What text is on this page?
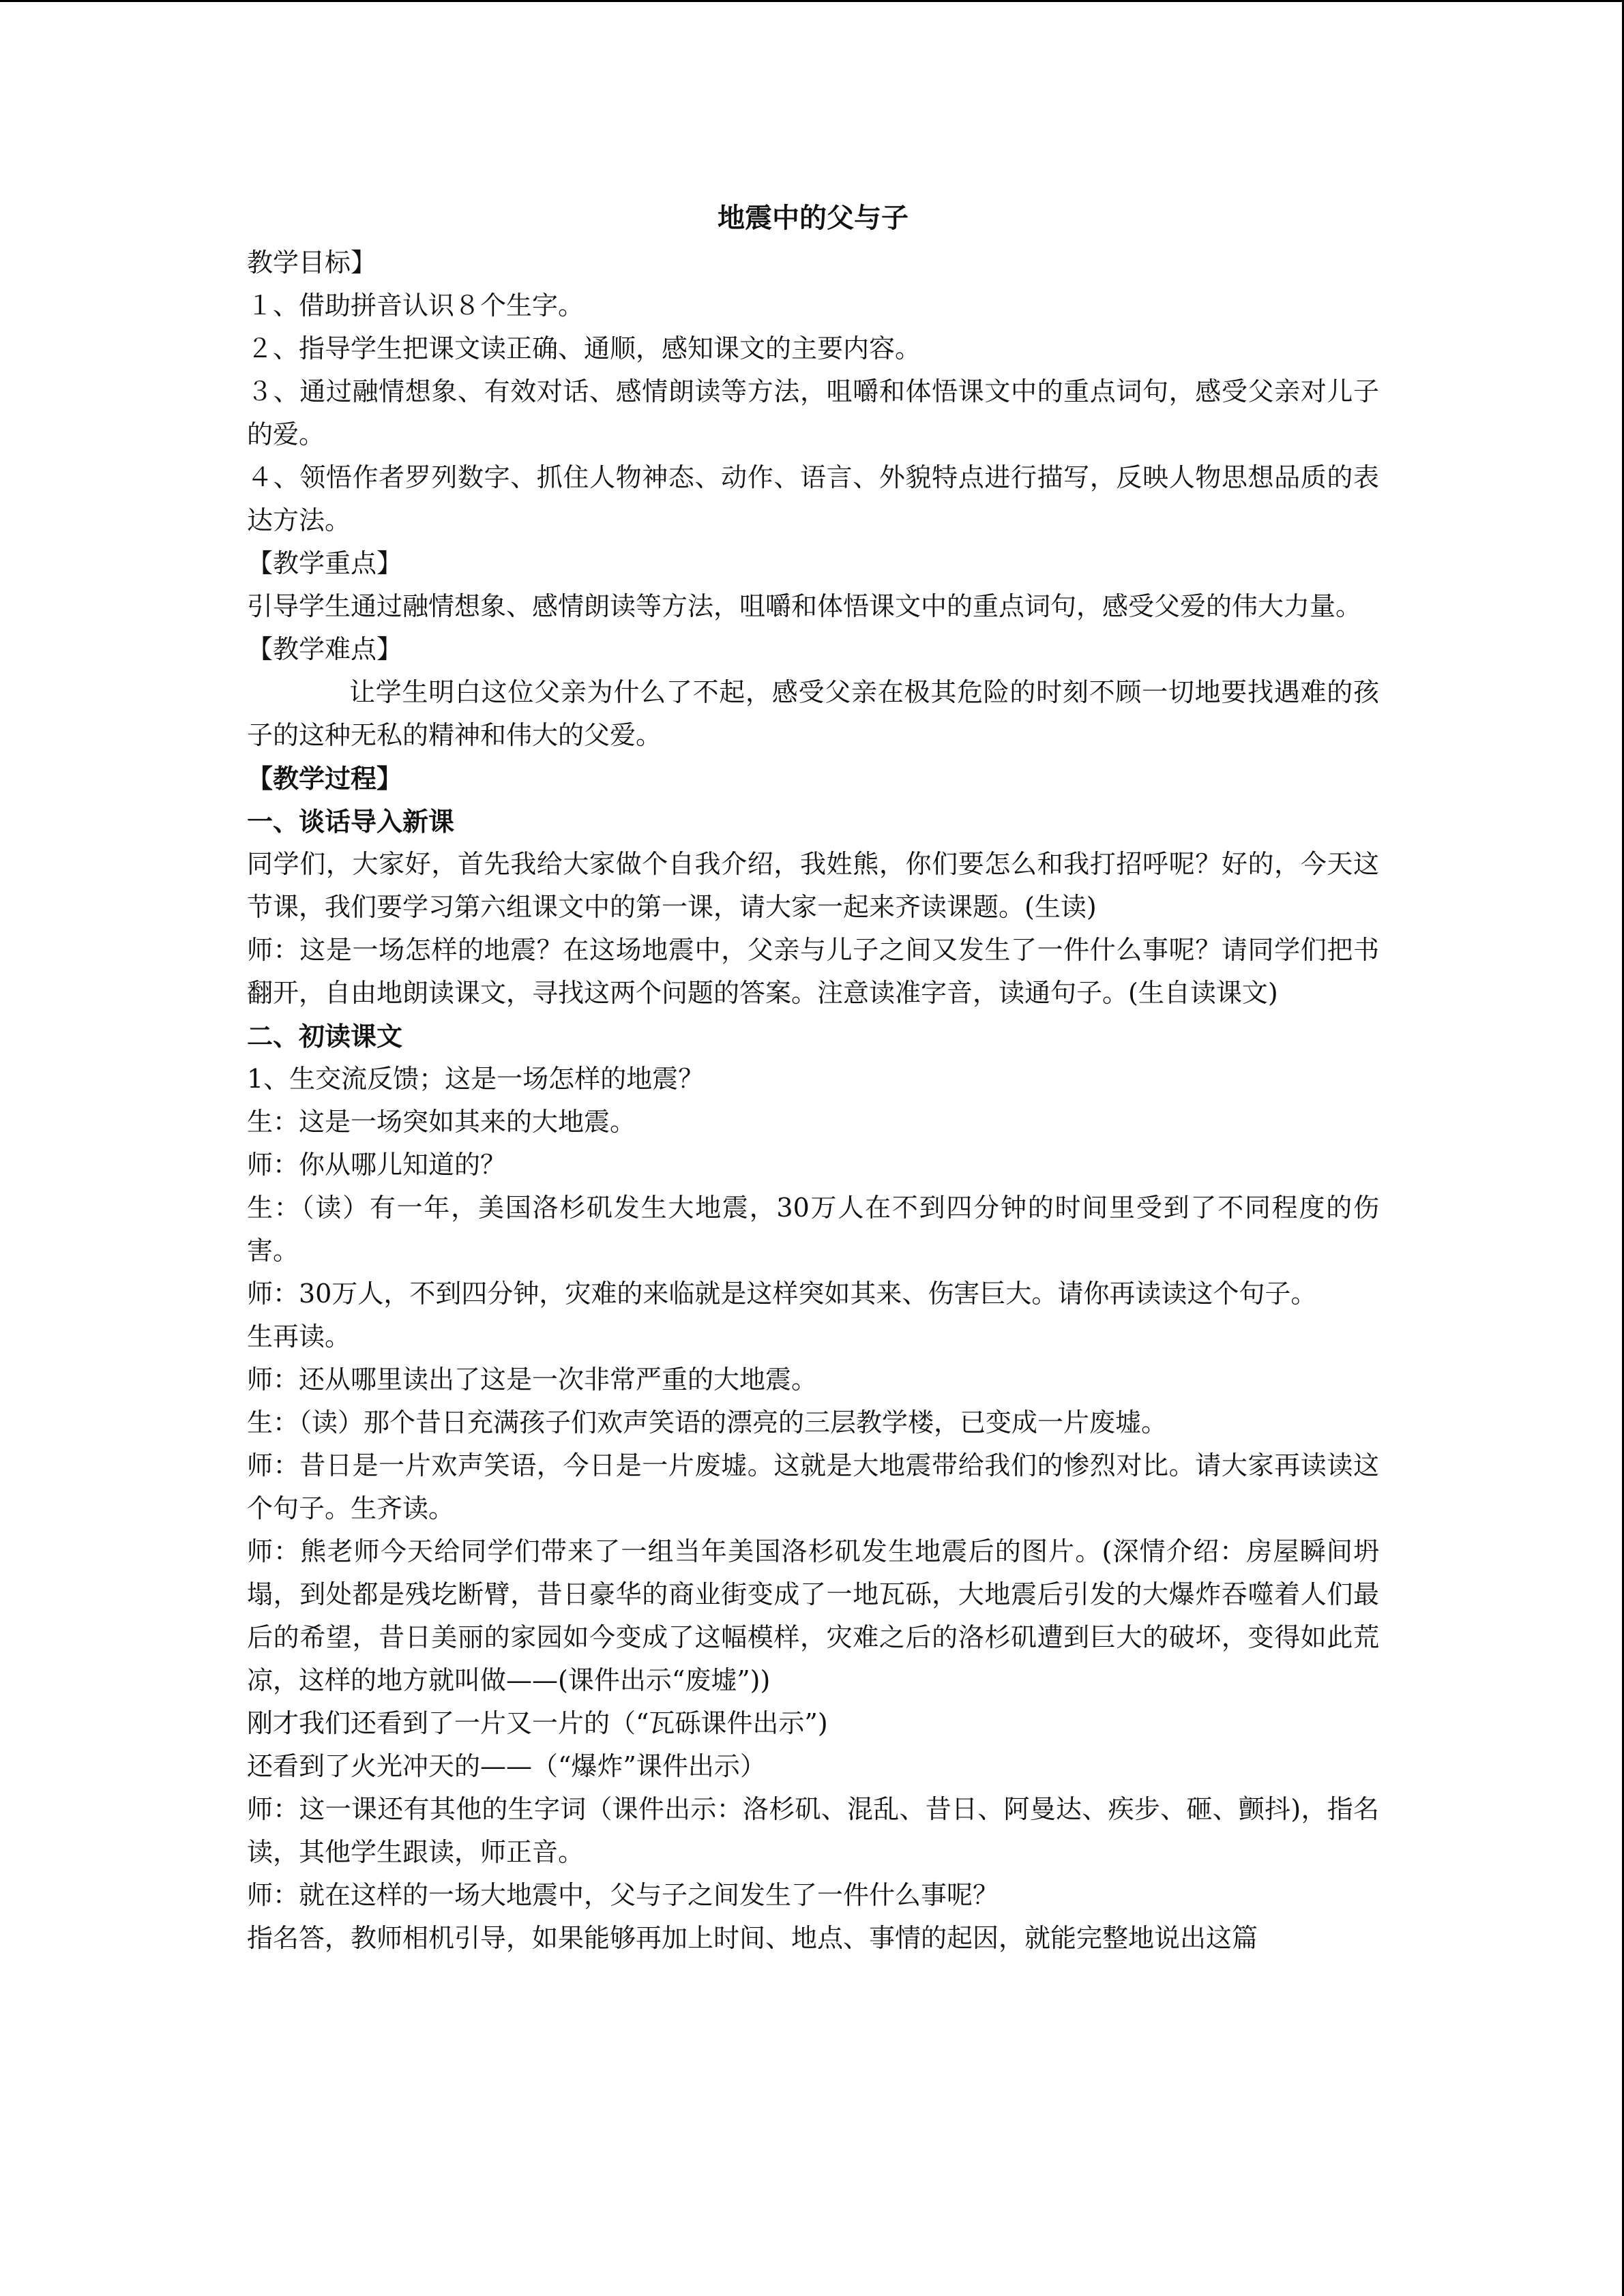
地震中的父与子

教学目标】

１、借助拼音认识８个生字。

２、指导学生把课文读正确、通顺，感知课文的主要内容。

３、通过融情想象、有效对话、感情朗读等方法，咀嚼和体悟课文中的重点词句，感受父亲对儿子的爱。

４、领悟作者罗列数字、抓住人物神态、动作、语言、外貌特点进行描写，反映人物思想品质的表达方法。

【教学重点】

引导学生通过融情想象、感情朗读等方法，咀嚼和体悟课文中的重点词句，感受父爱的伟大力量。

【教学难点】

让学生明白这位父亲为什么了不起，感受父亲在极其危险的时刻不顾一切地要找遇难的孩子的这种无私的精神和伟大的父爱。

【教学过程】

一、谈话导入新课

同学们，大家好，首先我给大家做个自我介绍，我姓熊，你们要怎么和我打招呼呢？好的，今天这节课，我们要学习第六组课文中的第一课，请大家一起来齐读课题。(生读)

师：这是一场怎样的地震？在这场地震中，父亲与儿子之间又发生了一件什么事呢？请同学们把书翻开，自由地朗读课文，寻找这两个问题的答案。注意读准字音，读通句子。(生自读课文)

二、初读课文

1、生交流反馈；这是一场怎样的地震？

生：这是一场突如其来的大地震。

师：你从哪儿知道的？

生：（读）有一年，美国洛杉矶发生大地震，30万人在不到四分钟的时间里受到了不同程度的伤害。

师：30万人，不到四分钟，灾难的来临就是这样突如其来、伤害巨大。请你再读读这个句子。

生再读。

师：还从哪里读出了这是一次非常严重的大地震。

生：（读）那个昔日充满孩子们欢声笑语的漂亮的三层教学楼，已变成一片废墟。

师：昔日是一片欢声笑语，今日是一片废墟。这就是大地震带给我们的惨烈对比。请大家再读读这个句子。生齐读。

师：熊老师今天给同学们带来了一组当年美国洛杉矶发生地震后的图片。(深情介绍：房屋瞬间坍塌，到处都是残圪断臂，昔日豪华的商业街变成了一地瓦砾，大地震后引发的大爆炸吞噬着人们最后的希望，昔日美丽的家园如今变成了这幅模样，灾难之后的洛杉矶遭到巨大的破坏，变得如此荒凉，这样的地方就叫做——(课件出示“废墟”))

刚才我们还看到了一片又一片的（“瓦砾课件出示”)

还看到了火光冲天的——（“爆炸”课件出示）

师：这一课还有其他的生字词（课件出示：洛杉矶、混乱、昔日、阿曼达、疾步、砸、颤抖)，指名读，其他学生跟读，师正音。

师：就在这样的一场大地震中，父与子之间发生了一件什么事呢？

指名答，教师相机引导，如果能够再加上时间、地点、事情的起因，就能完整地说出这篇
